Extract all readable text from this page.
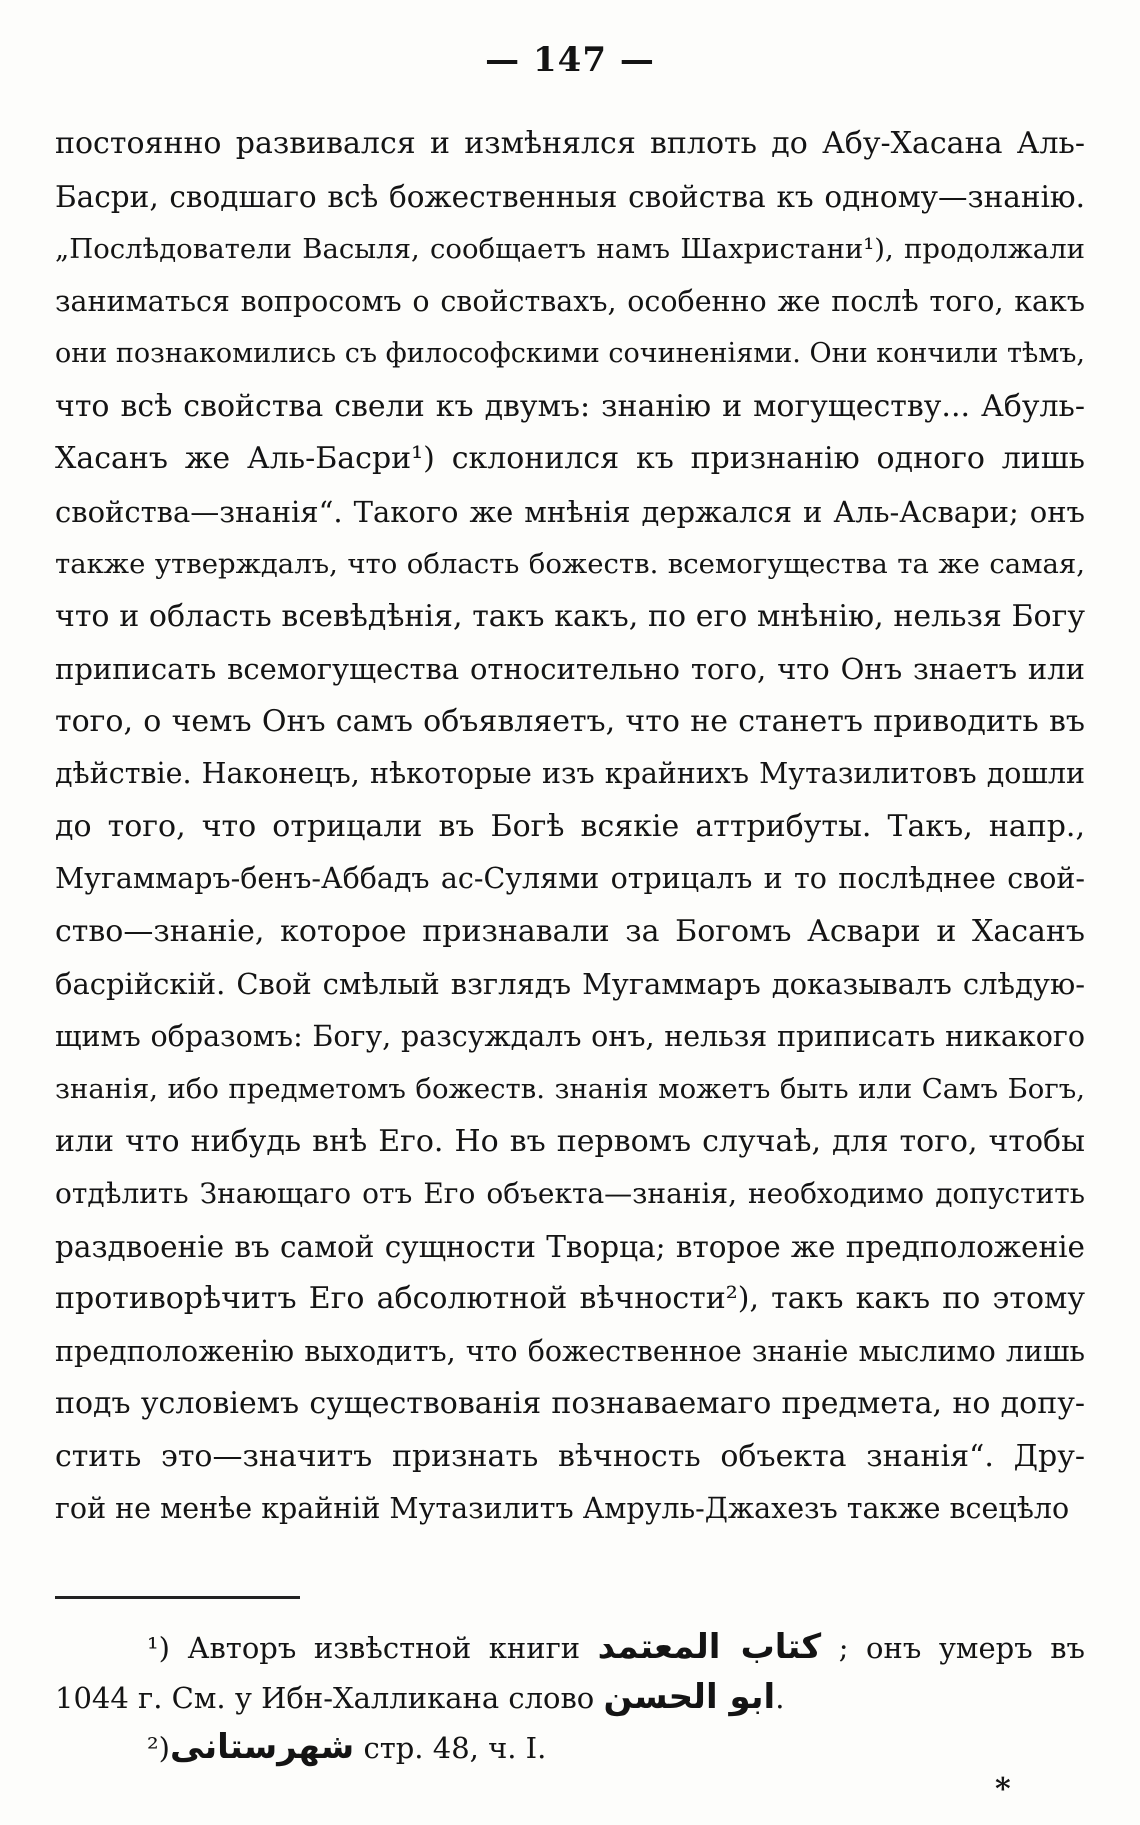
— 147 —
постоянно развивался и измѣнялся вплоть до Абу-Хасана Аль-
Басри, сводшаго всѣ божественныя свойства къ одному—знанію.
„Послѣдователи Васыля, сообщаетъ намъ Шахристани¹), продолжали
заниматься вопросомъ о свойствахъ, особенно же послѣ того, какъ
они познакомились съ философскими сочиненіями. Они кончили тѣмъ,
что всѣ свойства свели къ двумъ: знанію и могуществу... Абуль-
Хасанъ же Аль-Басри¹) склонился къ признанію одного лишь
свойства—знанія“. Такого же мнѣнія держался и Аль-Асвари; онъ
также утверждалъ, что область божеств. всемогущества та же самая,
что и область всевѣдѣнія, такъ какъ, по его мнѣнію, нельзя Богу
приписать всемогущества относительно того, что Онъ знаетъ или
того, о чемъ Онъ самъ объявляетъ, что не станетъ приводить въ
дѣйствіе. Наконецъ, нѣкоторые изъ крайнихъ Мутазилитовъ дошли
до того, что отрицали въ Богѣ всякіе аттрибуты. Такъ, напр.,
Мугаммаръ-бенъ-Аббадъ ас-Сулями отрицалъ и то послѣднее свой-
ство—знаніе, которое признавали за Богомъ Асвари и Хасанъ
басрійскій. Свой смѣлый взглядъ Мугаммаръ доказывалъ слѣдую-
щимъ образомъ: Богу, разсуждалъ онъ, нельзя приписать никакого
знанія, ибо предметомъ божеств. знанія можетъ быть или Самъ Богъ,
или что нибудь внѣ Его. Но въ первомъ случаѣ, для того, чтобы
отдѣлить Знающаго отъ Его объекта—знанія, необходимо допустить
раздвоеніе въ самой сущности Творца; второе же предположеніе
противорѣчитъ Его абсолютной вѣчности²), такъ какъ по этому
предположенію выходитъ, что божественное знаніе мыслимо лишь
подъ условіемъ существованія познаваемаго предмета, но допу-
стить это—значитъ признать вѣчность объекта знанія“. Дру-
гой не менѣе крайній Мутазилитъ Амруль-Джахезъ также всецѣло
¹) Авторъ извѣстной книги كتاب المعتمد ; онъ умеръ въ
1044 г. См. у Ибн-Халликана слово ابو الحسن.
²)شهرستانى стр. 48, ч. I.
*
